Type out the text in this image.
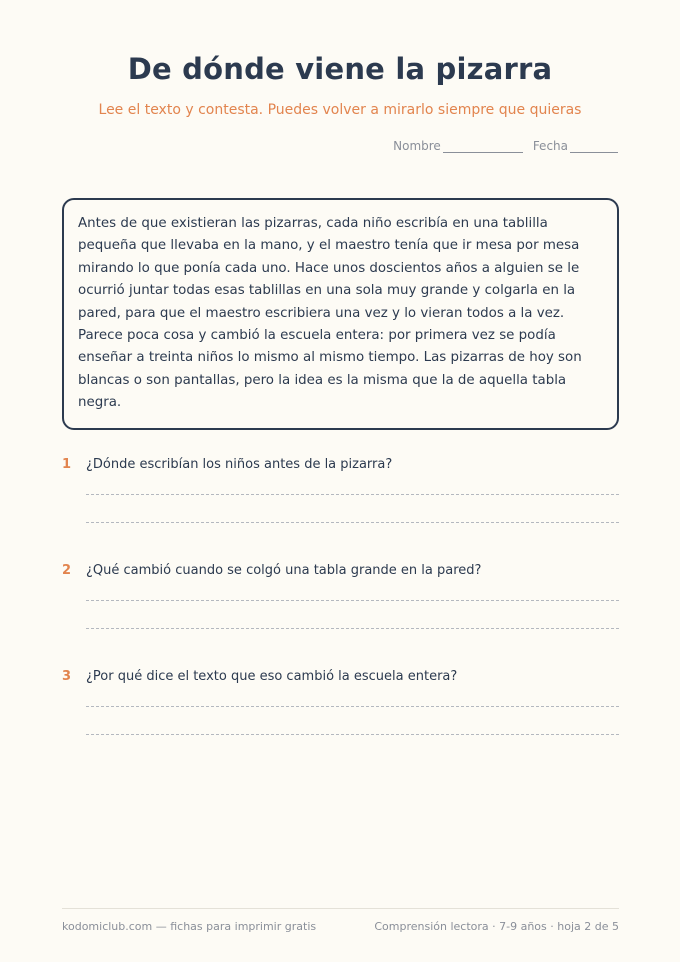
De dónde viene la pizarra

Lee el texto y contesta. Puedes volver a mirarlo siempre que quieras

Nombre	Fecha

Antes de que existieran las pizarras, cada niño escribía en una tablilla pequeña que llevaba en la mano, y el maestro tenía que ir mesa por mesa mirando lo que ponía cada uno. Hace unos doscientos años a alguien se le ocurrió juntar todas esas tablillas en una sola muy grande y colgarla en la pared, para que el maestro escribiera una vez y lo vieran todos a la vez. Parece poca cosa y cambió la escuela entera: por primera vez se podía enseñar a treinta niños lo mismo al mismo tiempo. Las pizarras de hoy son blancas o son pantallas, pero la idea es la misma que la de aquella tabla negra.

1	¿Dónde escribían los niños antes de la pizarra?
2	¿Qué cambió cuando se colgó una tabla grande en la pared?
3	¿Por qué dice el texto que eso cambió la escuela entera?
kodomiclub.com — fichas para imprimir gratis	Comprensión lectora · 7-9 años · hoja 2 de 5
